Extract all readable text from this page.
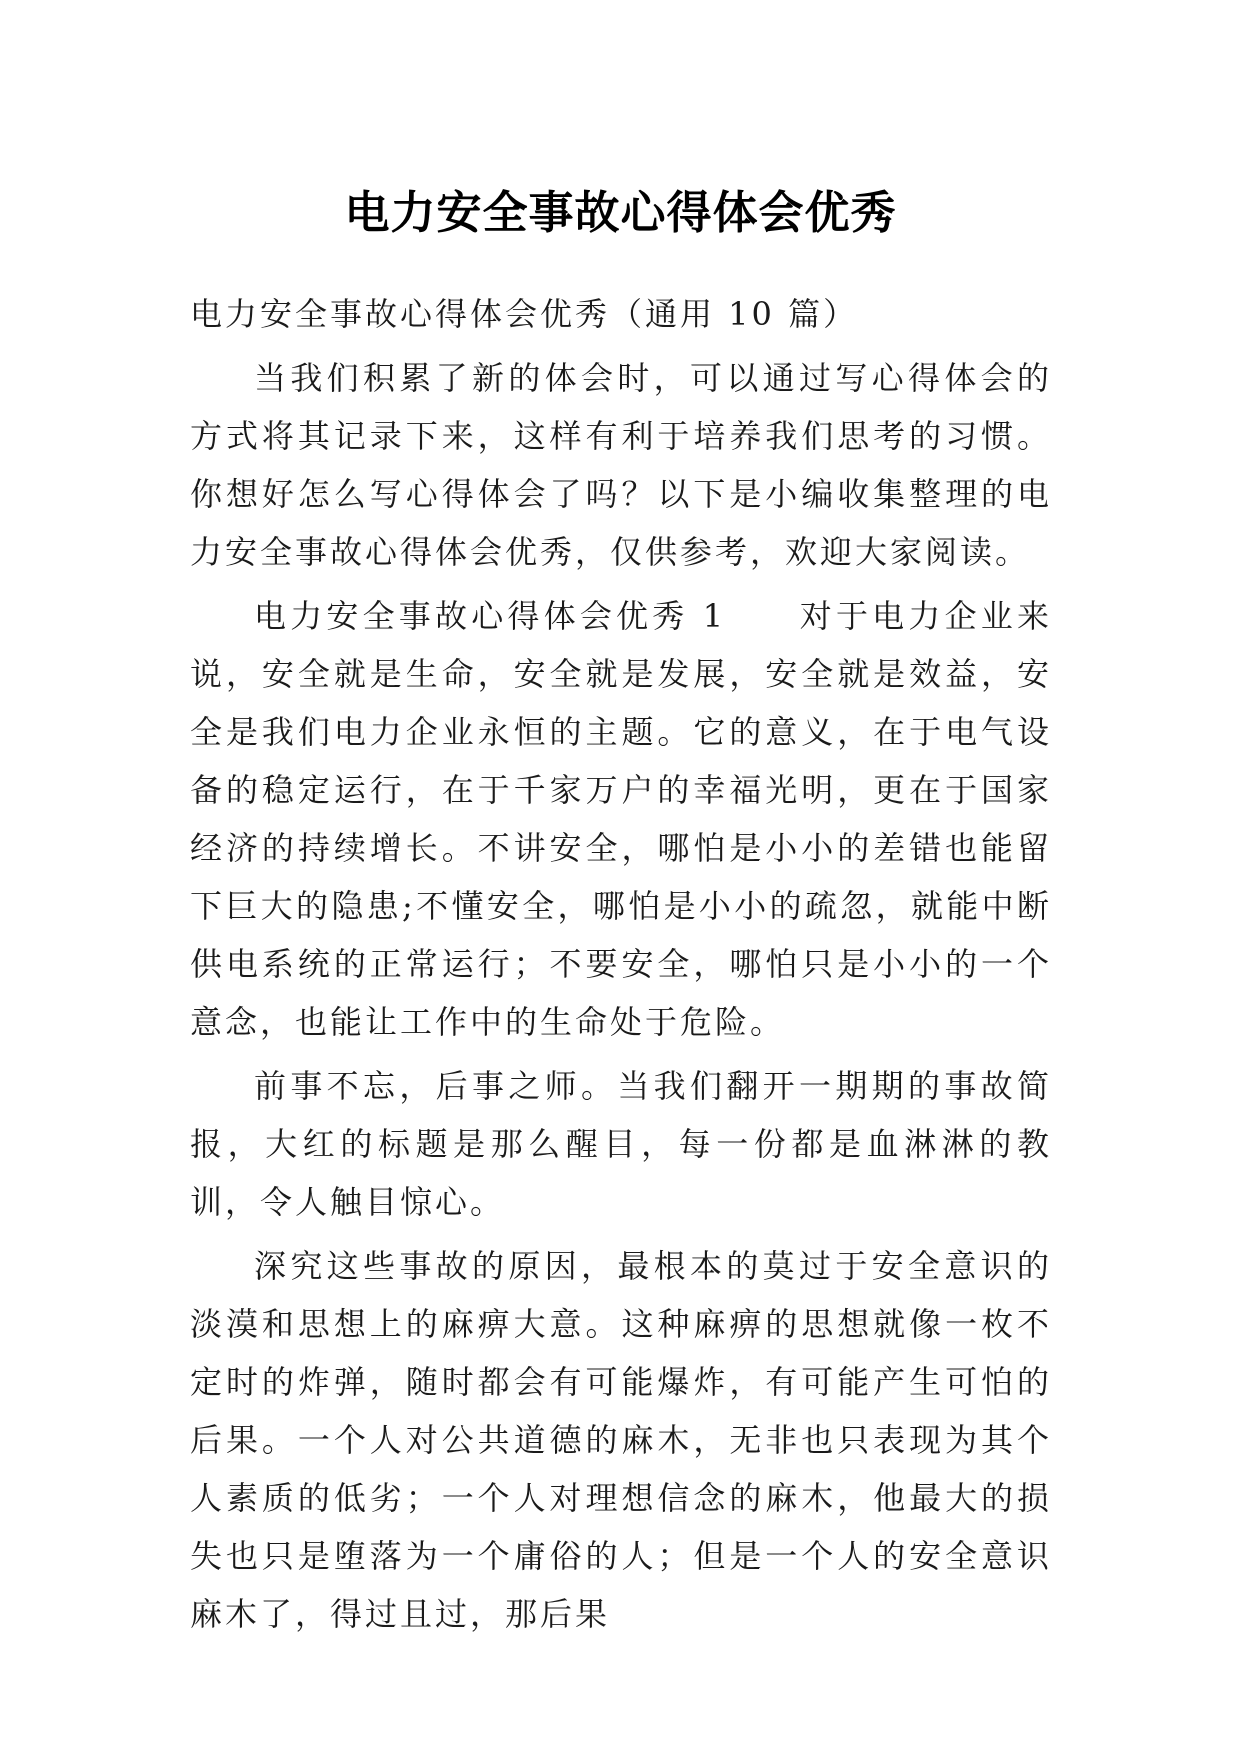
电力安全事故心得体会优秀

电力安全事故心得体会优秀（通用 10 篇）

当我们积累了新的体会时，可以通过写心得体会的方式将其记录下来，这样有利于培养我们思考的习惯。你想好怎么写心得体会了吗？以下是小编收集整理的电力安全事故心得体会优秀，仅供参考，欢迎大家阅读。

电力安全事故心得体会优秀 1　　对于电力企业来说，安全就是生命，安全就是发展，安全就是效益，安全是我们电力企业永恒的主题。它的意义，在于电气设备的稳定运行，在于千家万户的幸福光明，更在于国家经济的持续增长。不讲安全，哪怕是小小的差错也能留下巨大的隐患;不懂安全，哪怕是小小的疏忽，就能中断供电系统的正常运行；不要安全，哪怕只是小小的一个意念，也能让工作中的生命处于危险。

前事不忘，后事之师。当我们翻开一期期的事故简报，大红的标题是那么醒目，每一份都是血淋淋的教训，令人触目惊心。

深究这些事故的原因，最根本的莫过于安全意识的淡漠和思想上的麻痹大意。这种麻痹的思想就像一枚不定时的炸弹，随时都会有可能爆炸，有可能产生可怕的后果。一个人对公共道德的麻木，无非也只表现为其个人素质的低劣；一个人对理想信念的麻木，他最大的损失也只是堕落为一个庸俗的人；但是一个人的安全意识麻木了，得过且过，那后果
